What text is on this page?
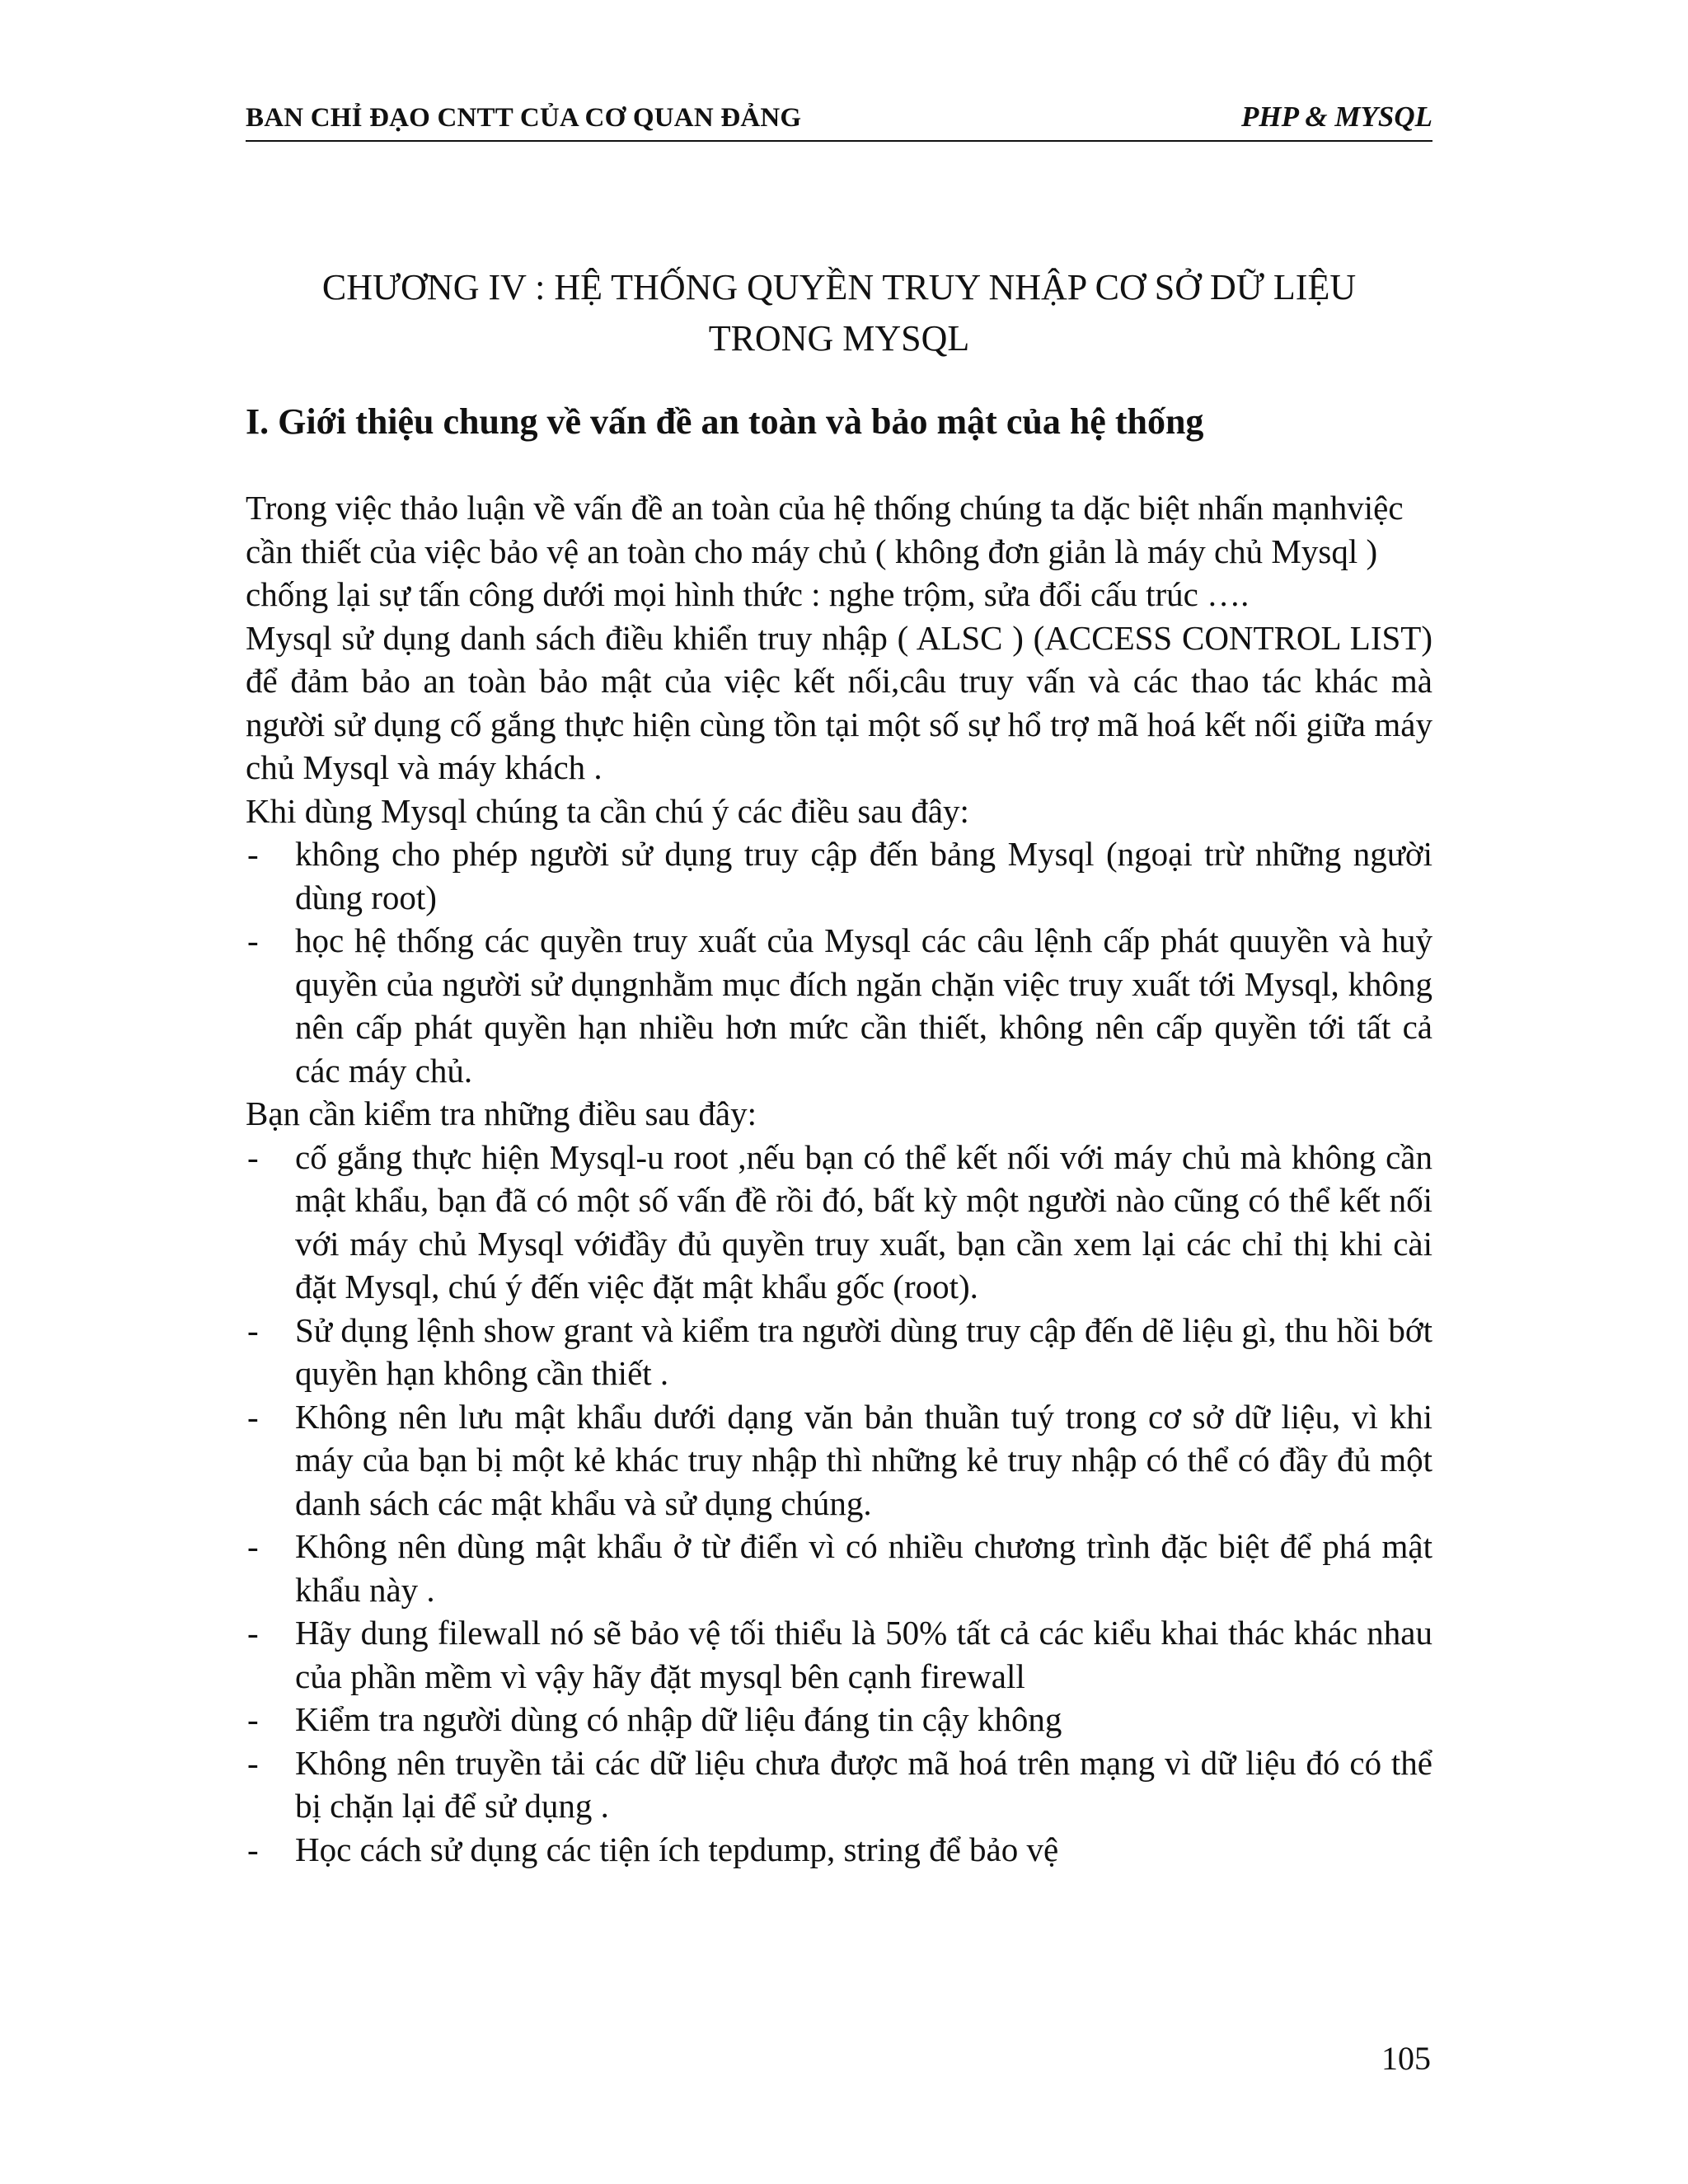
BAN CHỈ ĐẠO CNTT CỦA CƠ QUAN ĐẢNG	PHP & MYSQL
CHƯƠNG IV : HỆ THỐNG QUYỀN TRUY NHẬP CƠ SỞ DỮ LIỆU
TRONG MYSQL
I. Giới thiệu chung về vấn đề an toàn và bảo mật của hệ thống

Trong việc thảo luận về vấn đề an toàn của hệ thống chúng ta dặc biệt nhấn mạnhviệc cần thiết của việc bảo vệ an toàn cho máy chủ ( không đơn giản là máy chủ Mysql ) chống lại sự tấn công dưới mọi hình thức : nghe trộm, sửa đổi cấu trúc ….

Mysql sử dụng danh sách điều khiển truy nhập ( ALSC ) (ACCESS CONTROL LIST) để đảm bảo an toàn bảo mật của việc kết nối,câu truy vấn và các thao tác khác mà người sử dụng cố gắng thực hiện cùng tồn tại một số sự hổ trợ mã hoá kết nối giữa máy chủ Mysql và máy khách .

Khi dùng Mysql chúng ta cần chú ý các điều sau đây:

- không cho phép người sử dụng truy cập đến bảng Mysql (ngoại trừ những người dùng root)
- học hệ thống các quyền truy xuất của Mysql các câu lệnh cấp phát quuyền và huỷ quyền của người sử dụngnhằm mục đích ngăn chặn việc truy xuất tới Mysql, không nên cấp phát quyền hạn nhiều hơn mức cần thiết, không nên cấp quyền tới tất cả các máy chủ.

Bạn cần kiểm tra những điều sau đây:

- cố gắng thực hiện Mysql-u root ,nếu bạn có thể kết nối với máy chủ mà không cần mật khẩu, bạn đã có một số vấn đề rồi đó, bất kỳ một người nào cũng có thể kết nối với máy chủ Mysql vớiđầy đủ quyền truy xuất, bạn cần xem lại các chỉ thị khi cài đặt Mysql, chú ý đến việc đặt mật khẩu gốc (root).
- Sử dụng lệnh show grant và kiểm tra người dùng truy cập đến dẽ liệu gì, thu hồi bớt quyền hạn không cần thiết .
- Không nên lưu mật khẩu dưới dạng văn bản thuần tuý trong cơ sở dữ liệu, vì khi máy của bạn bị một kẻ khác truy nhập thì những kẻ truy nhập có thể có đầy đủ một danh sách các mật khẩu và sử dụng chúng.
- Không nên dùng mật khẩu ở từ điển vì có nhiều chương trình đặc biệt để phá mật khẩu này .
- Hãy dung filewall nó sẽ bảo vệ tối thiểu là 50% tất cả các kiểu khai thác khác nhau của phần mềm vì vậy hãy đặt mysql bên cạnh firewall
- Kiểm tra người dùng có nhập dữ liệu đáng tin cậy không
- Không nên truyền tải các dữ liệu chưa được mã hoá trên mạng vì dữ liệu đó có thể bị chặn lại để sử dụng .
- Học cách sử dụng các tiện ích tepdump, string để bảo vệ
105
